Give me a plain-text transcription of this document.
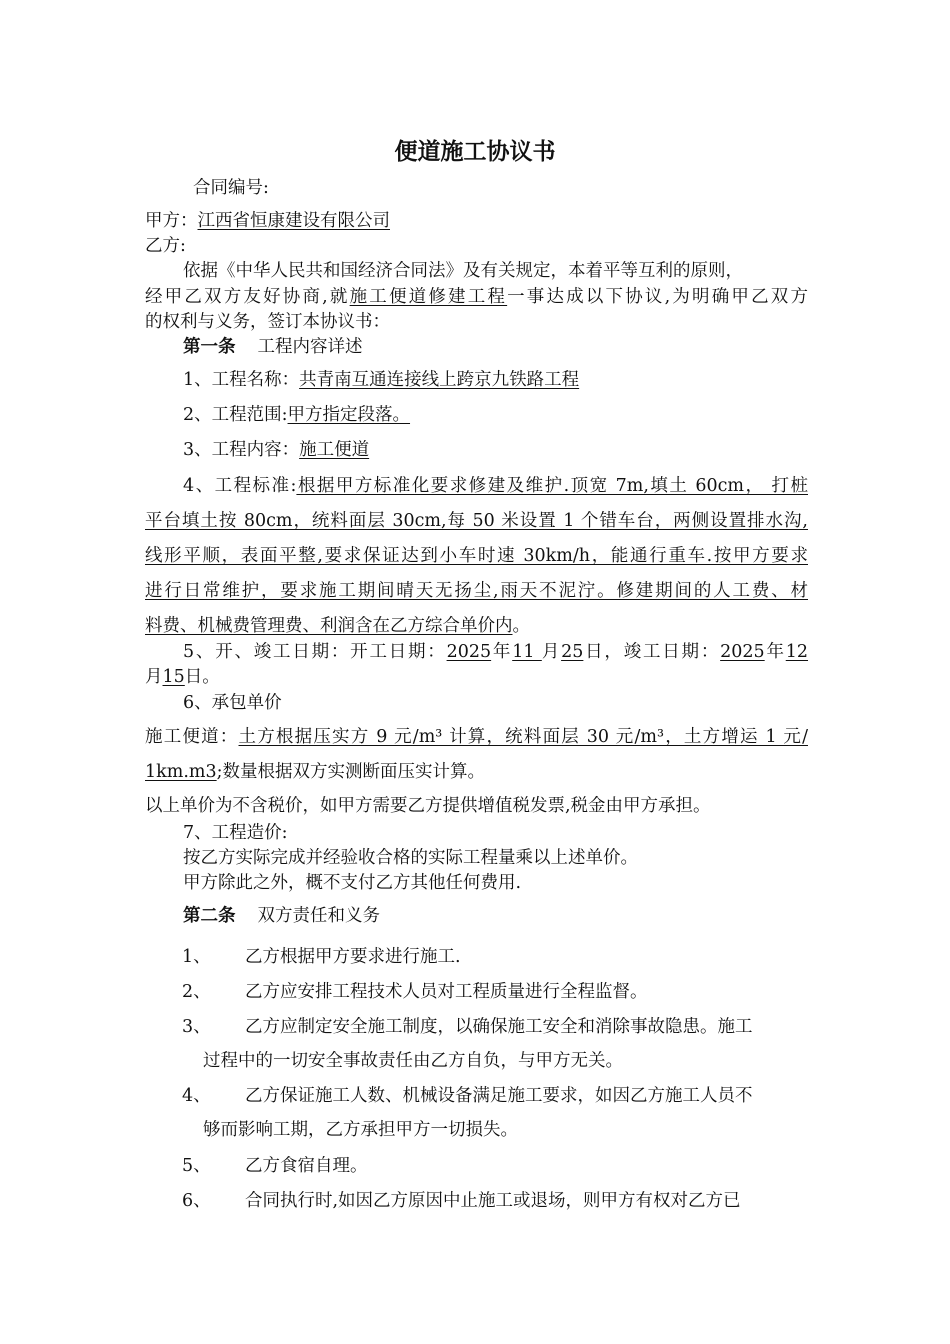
便道施工协议书
合同编号:
甲方：江西省恒康建设有限公司
乙方:
依据《中华人民共和国经济合同法》及有关规定，本着平等互利的原则，
经甲乙双方友好协商,就施工便道修建工程一事达成以下协议,为明确甲乙双方
的权利与义务，签订本协议书：
第一条 工程内容详述
1、工程名称：共青南互通连接线上跨京九铁路工程
2、工程范围:甲方指定段落。
3、工程内容：施工便道
4、工程标准:根据甲方标准化要求修建及维护.顶宽 7m,填土 60cm， 打桩
平台填土按 80cm，统料面层 30cm,每 50 米设置 1 个错车台，两侧设置排水沟,
线形平顺，表面平整,要求保证达到小车时速 30km/h，能通行重车.按甲方要求
进行日常维护，要求施工期间晴天无扬尘,雨天不泥泞。修建期间的人工费、材
料费、机械费管理费、利润含在乙方综合单价内。
5、开、竣工日期：开工日期：2025年11 月25日，竣工日期：2025年12
月15日。
6、承包单价
施工便道：土方根据压实方 9 元/m³ 计算，统料面层 30 元/m³，土方增运 1 元/
1km.m3;数量根据双方实测断面压实计算。
以上单价为不含税价，如甲方需要乙方提供增值税发票,税金由甲方承担。
7、工程造价:
按乙方实际完成并经验收合格的实际工程量乘以上述单价。
甲方除此之外，概不支付乙方其他任何费用.
第二条 双方责任和义务
1、 乙方根据甲方要求进行施工.
2、 乙方应安排工程技术人员对工程质量进行全程监督。
3、 乙方应制定安全施工制度，以确保施工安全和消除事故隐患。施工
过程中的一切安全事故责任由乙方自负，与甲方无关。
4、 乙方保证施工人数、机械设备满足施工要求，如因乙方施工人员不
够而影响工期，乙方承担甲方一切损失。
5、 乙方食宿自理。
6、 合同执行时,如因乙方原因中止施工或退场，则甲方有权对乙方已
